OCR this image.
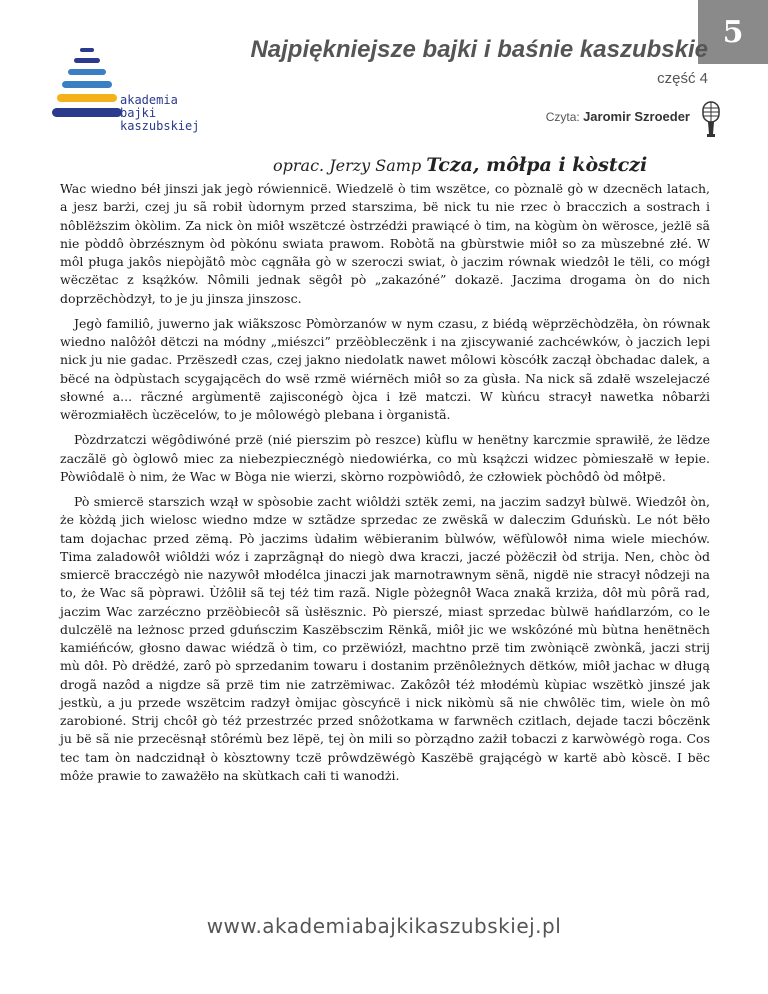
5
akademia
bajki
kaszubskiej
Najpiękniejsze bajki i baśnie kaszubskie
część 4
Czyta: Jaromir Szroeder
oprac. Jerzy Samp Tcza, môłpa i kòstczi

Wac wiedno béł jinszi jak jegò rówiennicë. Wiedzelë ò tim wszëtce, co pòznalë gò w dzecnëch latach, a jesz barżi, czej ju sã robił ùdornym przed starszima, bë nick tu nie rzec ò bracczich a sostrach i nôblëższim òkòlim. Za nick òn miôł wszëtczé òstrzédżi prawiącé ò tim, na kògùm òn wërosce, jeżlë sã nie pòddô òbrzésznym òd pòkónu swiata prawom. Robòtã na gbùrstwie miôł so za mùszebné złé. W môl pługa jakôs niepòjãtô mòc cągnãła gò w szeroczi swiat, ò jaczim równak wiedzôł le tëli, co mógł wëczëtac z ksążków. Nômili jednak sëgôł pò „zakazóné” dokazë. Jaczima drogama òn do nich doprzëchòdzył, to je ju jinsza jinszosc.

Jegò familiô, juwerno jak wiãkszosc Pòmòrzanów w nym czasu, z biédą wëprzëchòdzëła, òn równak wiedno nalôżôł dëtczi na módny „miészci” przëòbleczënk i na zjiscywanié zachcéwków, ò jaczich lepi nick ju nie gadac. Przëszedł czas, czej jakno niedolatk nawet môlowi kòscółk zaczął òbchadac dalek, a bëcé na òdpùstach scygającëch do wsë rzmë wiérnëch miôł so za gùsła. Na nick sã zdałë wszelejaczé słowné a... rãczné argùmentë zajisconégò òjca i łzë matczi. W kùńcu stracył nawetka nôbarżi wërozmiałëch ùczëcelów, to je môlowégò plebana i òrganistã.

Pòzdrzatczi wëgôdiwóné przë (nié pierszim pò reszce) kùflu w henëtny karczmie sprawiłë, że lëdze zaczãlë gò òglowô miec za niebezpiecznégò niedowiérka, co mù ksążczi widzec pòmieszałë w łepie. Pòwiôdalë ò nim, że Wac w Bòga nie wierzi, skòrno rozpòwiôdô, że człowiek pòchôdô òd môłpë.

Pò smiercë starszich wzął w spòsobie zacht wiôldżi sztëk zemi, na jaczim sadzył bùlwë. Wiedzôł òn, że kòżdą jich wielosc wiedno mdze w sztãdze sprzedac ze zwëskã w daleczim Gduńskù. Le nót bëło tam dojachac przed zëmą. Pò jaczims ùdałim wëbieranim bùlwów, wëfùlowôł nima wiele miechów. Tima zaladowôł wiôldżi wóz i zaprzãgnął do niegò dwa kraczi, jaczé pòżëcził òd strija. Nen, chòc òd smiercë bracczégò nie nazywôł młodélca jinaczi jak marnotrawnym sënã, nigdë nie stracył nôdzeji na to, że Wac sã pòprawi. Ùżôlił sã tej téż tim razã. Nigle pòżegnôł Waca znakã krziża, dôł mù pôrã rad, jaczim Wac zarzéczno przëòbiecôł sã ùsłësznic. Pò pierszé, miast sprzedac bùlwë hańdlarzóm, co le dulczëlë na leżnosc przed gduńsczim Kaszëbsczim Rënkã, miôł jic we wskôzóné mù bùtna henëtnëch kamiéńców, głosno dawac wiédzã ò tim, co przëwiózł, machtno przë tim zwòniącë zwònkã, jaczi strij mù dôł. Pò drëdżé, zarô pò sprzedanim towaru i dostanim przënôleżnych dëtków, miôł jachac w długą drogã nazôd a nigdze sã przë tim nie zatrzëmiwac. Zakôzôł téż młodémù kùpiac wszëtkò jinszé jak jestkù, a ju przede wszëtcim radzył òmijac gòscyńcë i nick nikòmù sã nie chwôlëc tim, wiele òn mô zarobioné. Strij chcôł gò téż przestrzéc przed snôżotkama w farwnëch czitlach, dejade taczi bôczënk ju bë sã nie przecësnął stôrémù bez lëpë, tej òn mili so pòrządno zażił tobaczi z karwòwégò roga. Cos tec tam òn nadczidnął ò kòsztowny tczë prôwdzëwégò Kaszëbë grającégò w kartë abò kòscë. I bëc môże prawie to zaważëło na skùtkach całi ti wanodżi.

www.akademiabajkikaszubskiej.pl
